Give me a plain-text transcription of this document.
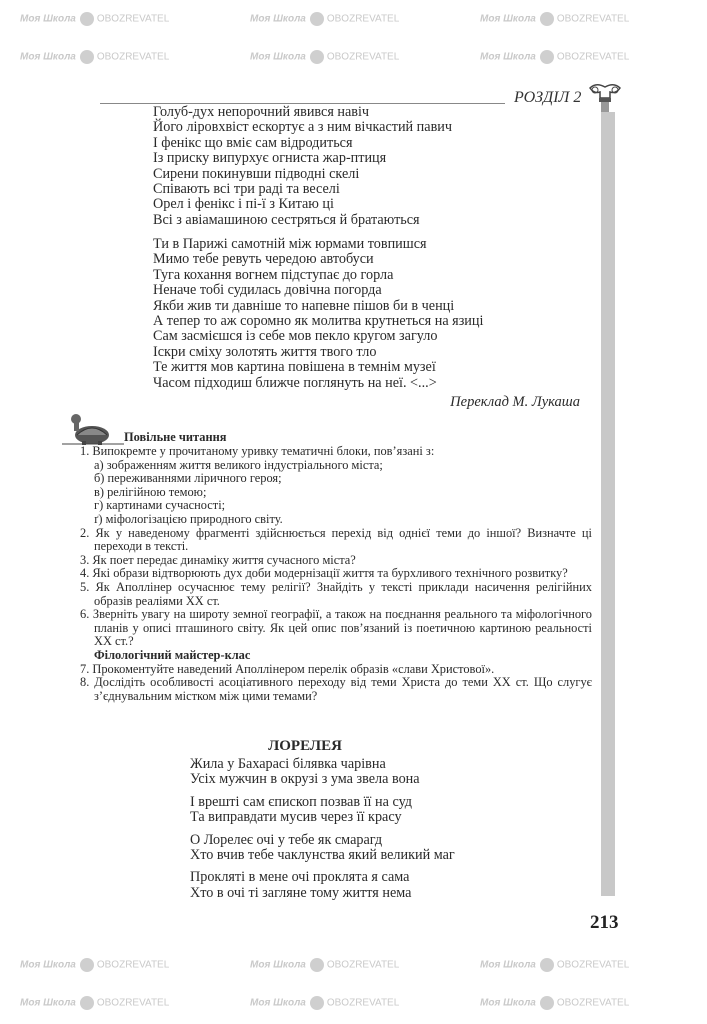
Моя Школа OBOZREVATEL	Моя Школа OBOZREVATEL	Моя Школа OBOZREVATEL
Моя Школа OBOZREVATEL	Моя Школа OBOZREVATEL	Моя Школа OBOZREVATEL
Моя Школа OBOZREVATEL	Моя Школа OBOZREVATEL	Моя Школа OBOZREVATEL
Моя Школа OBOZREVATEL	Моя Школа OBOZREVATEL	Моя Школа OBOZREVATEL
РОЗДІЛ 2
Голуб-дух непорочний явився навіч
Його ліровхвіст ескортує а з ним вічкастий павич
І фенікс що вміє сам відродиться
Із приску випурхує огниста жар-птиця
Сирени покинувши підводні скелі
Співають всі три раді та веселі
Орел і фенікс і пі-ї з Китаю ці
Всі з авіамашиною сестряться й братаються
Ти в Парижі самотній між юрмами товпишся
Мимо тебе ревуть чередою автобуси
Туга кохання вогнем підступає до горла
Неначе тобі судилась довічна погорда
Якби жив ти давніше то напевне пішов би в ченці
А тепер то аж соромно як молитва крутнеться на язиці
Сам засмієшся із себе мов пекло кругом загуло
Іскри сміху золотять життя твого тло
Те життя мов картина повішена в темнім музеї
Часом підходиш ближче поглянуть на неї. <...>
Переклад М. Лукаша
Повільне читання
1. Випокремте у прочитаному уривку тематичні блоки, пов’язані з:
а) зображенням життя великого індустріального міста;
б) переживаннями ліричного героя;
в) релігійною темою;
г) картинами сучасності;
ґ) міфологізацією природного світу.
2. Як у наведеному фрагменті здійснюється перехід від однієї теми до іншої? Визначте ці переходи в тексті.
3. Як поет передає динаміку життя сучасного міста?
4. Які образи відтворюють дух доби модернізації життя та бурхливого технічного розвитку?
5. Як Аполлінер осучаснює тему релігії? Знайдіть у тексті приклади насичення релігійних образів реаліями XX ст.
6. Зверніть увагу на широту земної географії, а також на поєднання реального та міфологічного планів у описі пташиного світу. Як цей опис пов’язаний із поетичною картиною реальності XX ст.?
Філологічний майстер-клас
7. Прокоментуйте наведений Аполлінером перелік образів «слави Христової».
8. Дослідіть особливості асоціативного переходу від теми Христа до теми XX ст. Що слугує з’єднувальним містком між цими темами?
ЛОРЕЛЕЯ
Жила у Бахарасі білявка чарівна
Усіх мужчин в окрузі з ума звела вона
І врешті сам єпископ позвав її на суд
Та виправдати мусив через її красу
О Лорелеє очі у тебе як смарагд
Хто вчив тебе чаклунства який великий маг
Прокляті в мене очі проклята я сама
Хто в очі ті загляне тому життя нема
213
